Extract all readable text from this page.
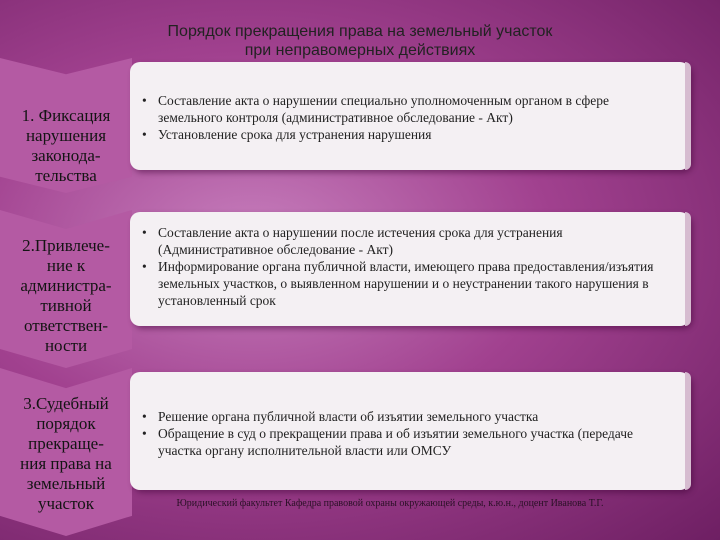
Порядок прекращения права на земельный участок
при неправомерных действиях
1. Фиксация
нарушения
законода-
тельства
• Составление акта о нарушении специально уполномоченным органом в сфере земельного контроля (административное обследование - Акт)
• Установление срока для устранения нарушения
2.Привлече-
ние к
администра-
тивной
ответствен-
ности
• Составление акта о нарушении после истечения срока для устранения (Административное обследование - Акт)
• Информирование органа публичной власти, имеющего права предоставления/изъятия земельных участков, о выявленном нарушении и о неустранении такого нарушения в установленный срок
3.Судебный
порядок
прекраще-
ния права на
земельный
участок
• Решение органа публичной власти об изъятии земельного участка
• Обращение в суд о прекращении права и об изъятии земельного участка (передаче участка органу исполнительной власти или ОМСУ
Юридический факультет Кафедра правовой охраны окружающей среды, к.ю.н., доцент Иванова Т.Г.
